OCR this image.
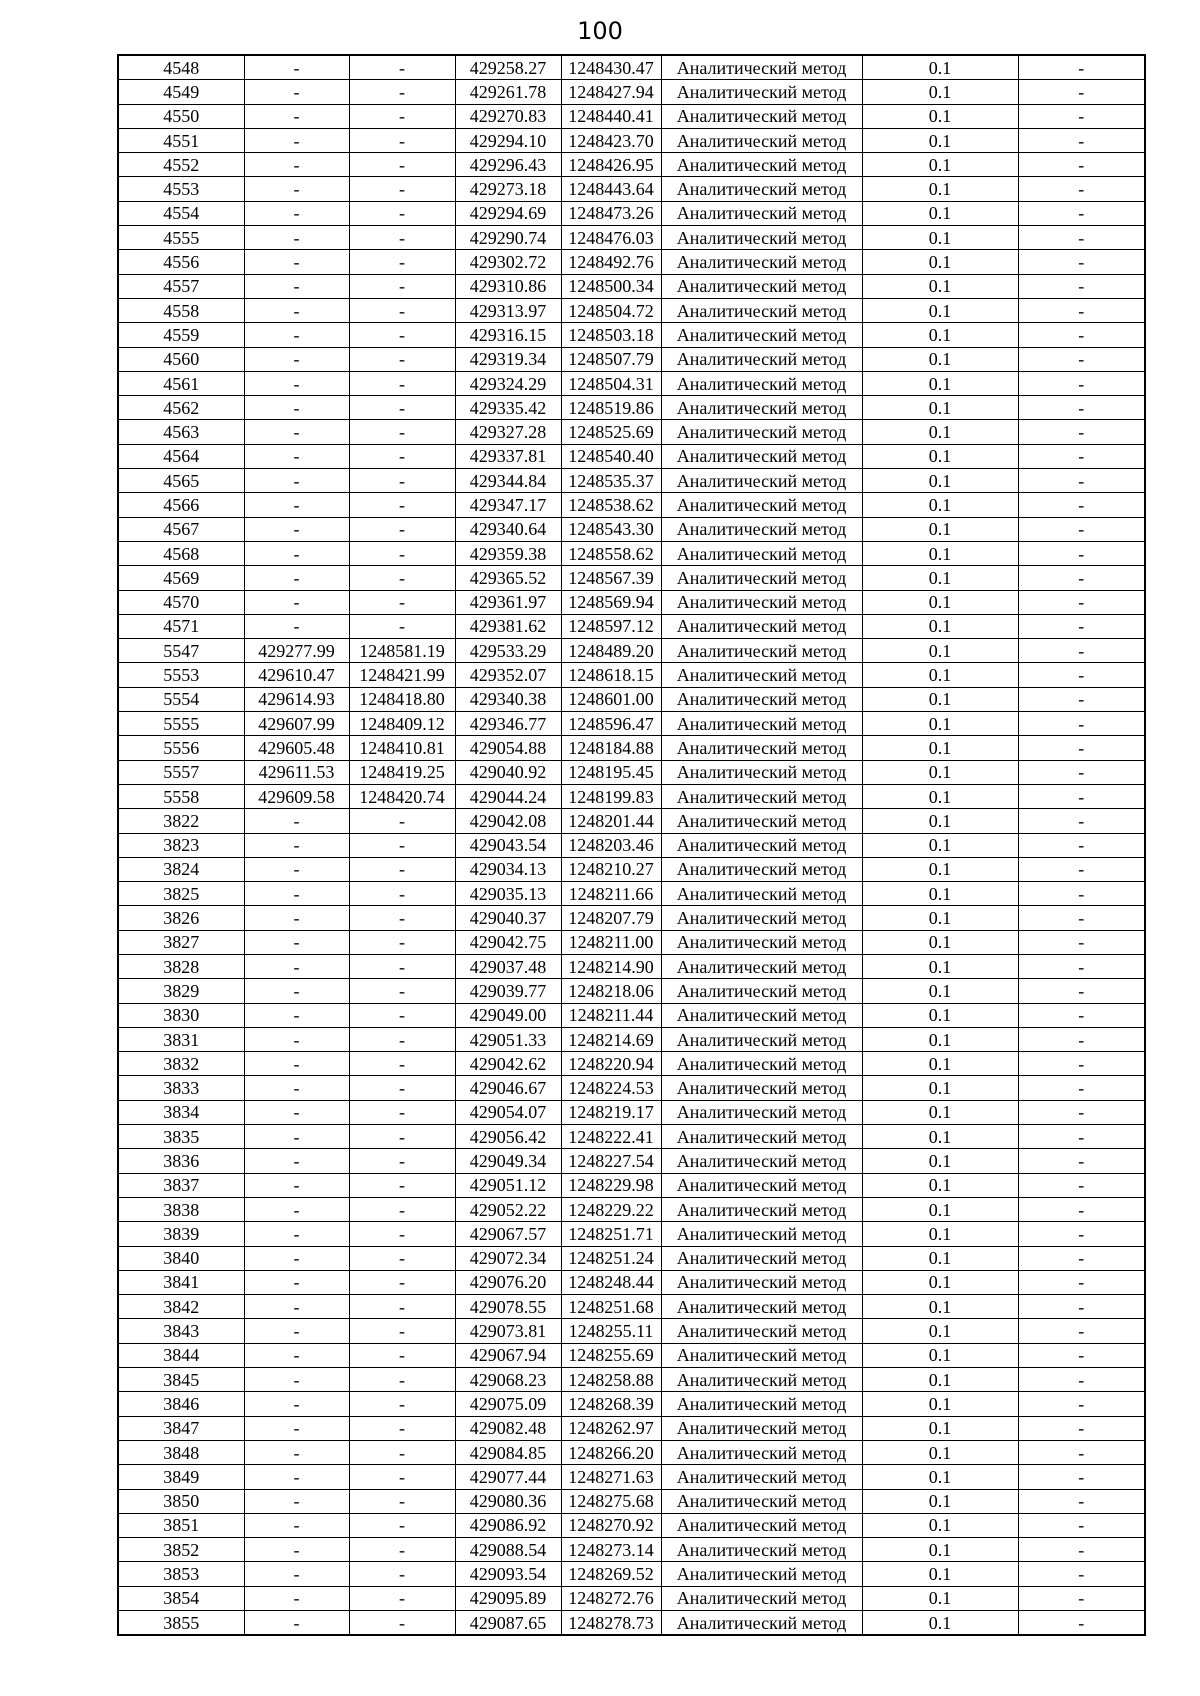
100
4548	-	-	429258.27	1248430.47	Аналитический метод	0.1	-
4549	-	-	429261.78	1248427.94	Аналитический метод	0.1	-
4550	-	-	429270.83	1248440.41	Аналитический метод	0.1	-
4551	-	-	429294.10	1248423.70	Аналитический метод	0.1	-
4552	-	-	429296.43	1248426.95	Аналитический метод	0.1	-
4553	-	-	429273.18	1248443.64	Аналитический метод	0.1	-
4554	-	-	429294.69	1248473.26	Аналитический метод	0.1	-
4555	-	-	429290.74	1248476.03	Аналитический метод	0.1	-
4556	-	-	429302.72	1248492.76	Аналитический метод	0.1	-
4557	-	-	429310.86	1248500.34	Аналитический метод	0.1	-
4558	-	-	429313.97	1248504.72	Аналитический метод	0.1	-
4559	-	-	429316.15	1248503.18	Аналитический метод	0.1	-
4560	-	-	429319.34	1248507.79	Аналитический метод	0.1	-
4561	-	-	429324.29	1248504.31	Аналитический метод	0.1	-
4562	-	-	429335.42	1248519.86	Аналитический метод	0.1	-
4563	-	-	429327.28	1248525.69	Аналитический метод	0.1	-
4564	-	-	429337.81	1248540.40	Аналитический метод	0.1	-
4565	-	-	429344.84	1248535.37	Аналитический метод	0.1	-
4566	-	-	429347.17	1248538.62	Аналитический метод	0.1	-
4567	-	-	429340.64	1248543.30	Аналитический метод	0.1	-
4568	-	-	429359.38	1248558.62	Аналитический метод	0.1	-
4569	-	-	429365.52	1248567.39	Аналитический метод	0.1	-
4570	-	-	429361.97	1248569.94	Аналитический метод	0.1	-
4571	-	-	429381.62	1248597.12	Аналитический метод	0.1	-
5547	429277.99	1248581.19	429533.29	1248489.20	Аналитический метод	0.1	-
5553	429610.47	1248421.99	429352.07	1248618.15	Аналитический метод	0.1	-
5554	429614.93	1248418.80	429340.38	1248601.00	Аналитический метод	0.1	-
5555	429607.99	1248409.12	429346.77	1248596.47	Аналитический метод	0.1	-
5556	429605.48	1248410.81	429054.88	1248184.88	Аналитический метод	0.1	-
5557	429611.53	1248419.25	429040.92	1248195.45	Аналитический метод	0.1	-
5558	429609.58	1248420.74	429044.24	1248199.83	Аналитический метод	0.1	-
3822	-	-	429042.08	1248201.44	Аналитический метод	0.1	-
3823	-	-	429043.54	1248203.46	Аналитический метод	0.1	-
3824	-	-	429034.13	1248210.27	Аналитический метод	0.1	-
3825	-	-	429035.13	1248211.66	Аналитический метод	0.1	-
3826	-	-	429040.37	1248207.79	Аналитический метод	0.1	-
3827	-	-	429042.75	1248211.00	Аналитический метод	0.1	-
3828	-	-	429037.48	1248214.90	Аналитический метод	0.1	-
3829	-	-	429039.77	1248218.06	Аналитический метод	0.1	-
3830	-	-	429049.00	1248211.44	Аналитический метод	0.1	-
3831	-	-	429051.33	1248214.69	Аналитический метод	0.1	-
3832	-	-	429042.62	1248220.94	Аналитический метод	0.1	-
3833	-	-	429046.67	1248224.53	Аналитический метод	0.1	-
3834	-	-	429054.07	1248219.17	Аналитический метод	0.1	-
3835	-	-	429056.42	1248222.41	Аналитический метод	0.1	-
3836	-	-	429049.34	1248227.54	Аналитический метод	0.1	-
3837	-	-	429051.12	1248229.98	Аналитический метод	0.1	-
3838	-	-	429052.22	1248229.22	Аналитический метод	0.1	-
3839	-	-	429067.57	1248251.71	Аналитический метод	0.1	-
3840	-	-	429072.34	1248251.24	Аналитический метод	0.1	-
3841	-	-	429076.20	1248248.44	Аналитический метод	0.1	-
3842	-	-	429078.55	1248251.68	Аналитический метод	0.1	-
3843	-	-	429073.81	1248255.11	Аналитический метод	0.1	-
3844	-	-	429067.94	1248255.69	Аналитический метод	0.1	-
3845	-	-	429068.23	1248258.88	Аналитический метод	0.1	-
3846	-	-	429075.09	1248268.39	Аналитический метод	0.1	-
3847	-	-	429082.48	1248262.97	Аналитический метод	0.1	-
3848	-	-	429084.85	1248266.20	Аналитический метод	0.1	-
3849	-	-	429077.44	1248271.63	Аналитический метод	0.1	-
3850	-	-	429080.36	1248275.68	Аналитический метод	0.1	-
3851	-	-	429086.92	1248270.92	Аналитический метод	0.1	-
3852	-	-	429088.54	1248273.14	Аналитический метод	0.1	-
3853	-	-	429093.54	1248269.52	Аналитический метод	0.1	-
3854	-	-	429095.89	1248272.76	Аналитический метод	0.1	-
3855	-	-	429087.65	1248278.73	Аналитический метод	0.1	-
